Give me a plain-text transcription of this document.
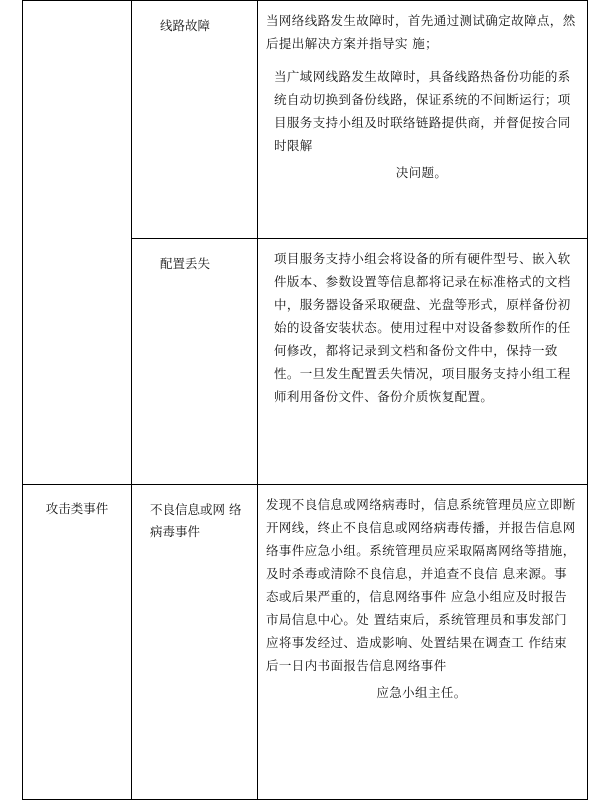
	线路故障	当网络线路发生故障时，首先通过测试确定故障点，然后提出解决方案并指导实 施；

当广域网线路发生故障时，具备线路热备份功能的系统自动切换到备份线路，保证系统的不间断运行；项目服务支持小组及时联络链路提供商，并督促按合同时限解

决问题。

	配置丢失	项目服务支持小组会将设备的所有硬件型号、嵌入软件版本、参数设置等信息都将记录在标准格式的文档中，服务器设备采取硬盘、光盘等形式，原样备份初始的设备安装状态。使用过程中对设备参数所作的任何修改，都将记录到文档和备份文件中，保持一致性。一旦发生配置丢失情况，项目服务支持小组工程师利用备份文件、备份介质恢复配置。

攻击类事件	不良信息或网 络病毒事件	发现不良信息或网络病毒时，信息系统管理员应立即断开网线，终止不良信息或网络病毒传播，并报告信息网络事件应急小组。系统管理员应采取隔离网络等措施，及时杀毒或清除不良信息，并追查不良信 息来源。事态或后果严重的，信息网络事件 应急小组应及时报告市局信息中心。处 置结束后，系统管理员和事发部门应将事发经过、造成影响、处置结果在调查工 作结束后一日内书面报告信息网络事件

应急小组主任。
